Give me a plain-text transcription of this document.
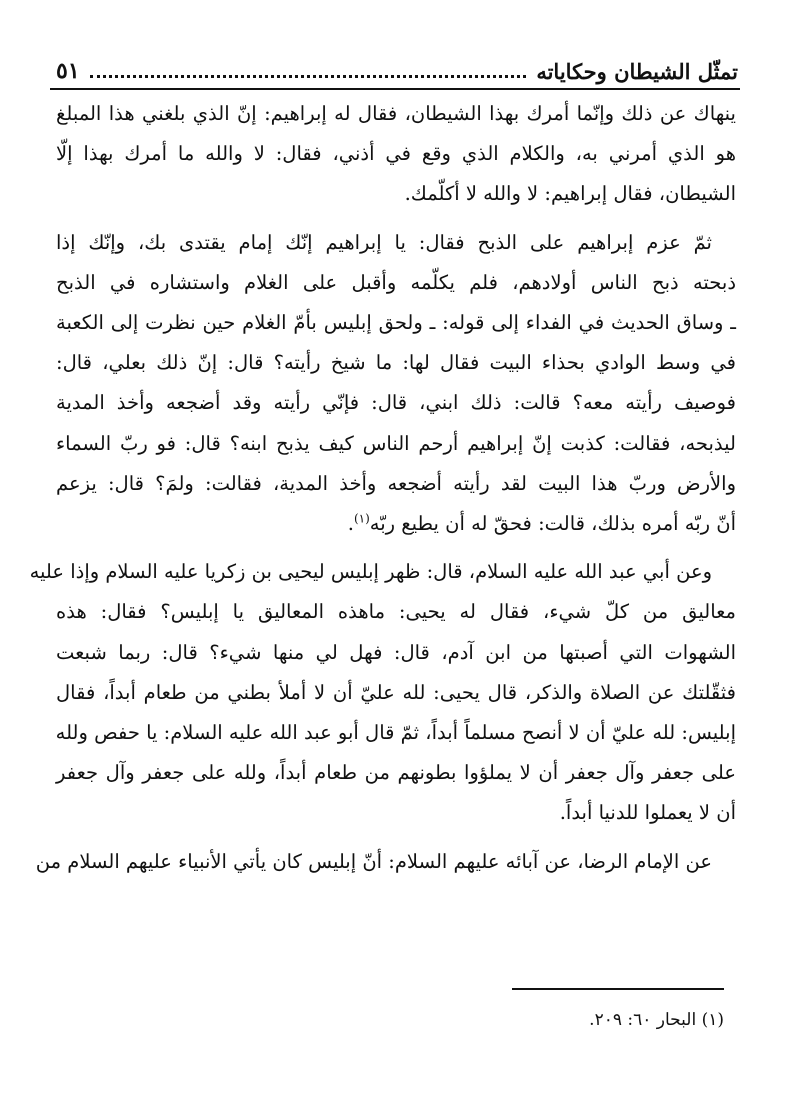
تمثّل الشيطان وحكاياته
٥١

ينهاك عن ذلك وإنّما أمرك بهذا الشيطان، فقال له إبراهيم: إنّ الذي بلغني هذا المبلغ
هو الذي أمرني به، والكلام الذي وقع في أذني، فقال: لا والله ما أمرك بهذا إلّا
الشيطان، فقال إبراهيم: لا والله لا أكلّمك.

ثمّ عزم إبراهيم على الذبح فقال: يا إبراهيم إنّك إمام يقتدى بك، وإنّك إذا
ذبحته ذبح الناس أولادهم، فلم يكلّمه وأقبل على الغلام واستشاره في الذبح
ـ وساق الحديث في الفداء إلى قوله: ـ ولحق إبليس بأمّ الغلام حين نظرت إلى الكعبة
في وسط الوادي بحذاء البيت فقال لها: ما شيخ رأيته؟ قال: إنّ ذلك بعلي، قال:
فوصيف رأيته معه؟ قالت: ذلك ابني، قال: فإنّي رأيته وقد أضجعه وأخذ المدية
ليذبحه، فقالت: كذبت إنّ إبراهيم أرحم الناس كيف يذبح ابنه؟ قال: فو ربّ السماء
والأرض وربّ هذا البيت لقد رأيته أضجعه وأخذ المدية، فقالت: ولمَ؟ قال: يزعم
أنّ ربّه أمره بذلك، قالت: فحقّ له أن يطيع ربّه$^{(١)}$.

وعن أبي عبد الله عليه السلام، قال: ظهر إبليس ليحيى بن زكريا عليه السلام وإذا عليه
معاليق من كلّ شيء، فقال له يحيى: ماهذه المعاليق يا إبليس؟ فقال: هذه
الشهوات التي أصبتها من ابن آدم، قال: فهل لي منها شيء؟ قال: ربما شبعت
فثقّلتك عن الصلاة والذكر، قال يحيى: لله عليّ أن لا أملأ بطني من طعام أبداً، فقال
إبليس: لله عليّ أن لا أنصح مسلماً أبداً، ثمّ قال أبو عبد الله عليه السلام: يا حفص ولله
على جعفر وآل جعفر أن لا يملؤوا بطونهم من طعام أبداً، ولله على جعفر وآل جعفر
أن لا يعملوا للدنيا أبداً.

عن الإمام الرضا، عن آبائه عليهم السلام: أنّ إبليس كان يأتي الأنبياء عليهم السلام من

(١) البحار ٦٠: ٢٠٩.
